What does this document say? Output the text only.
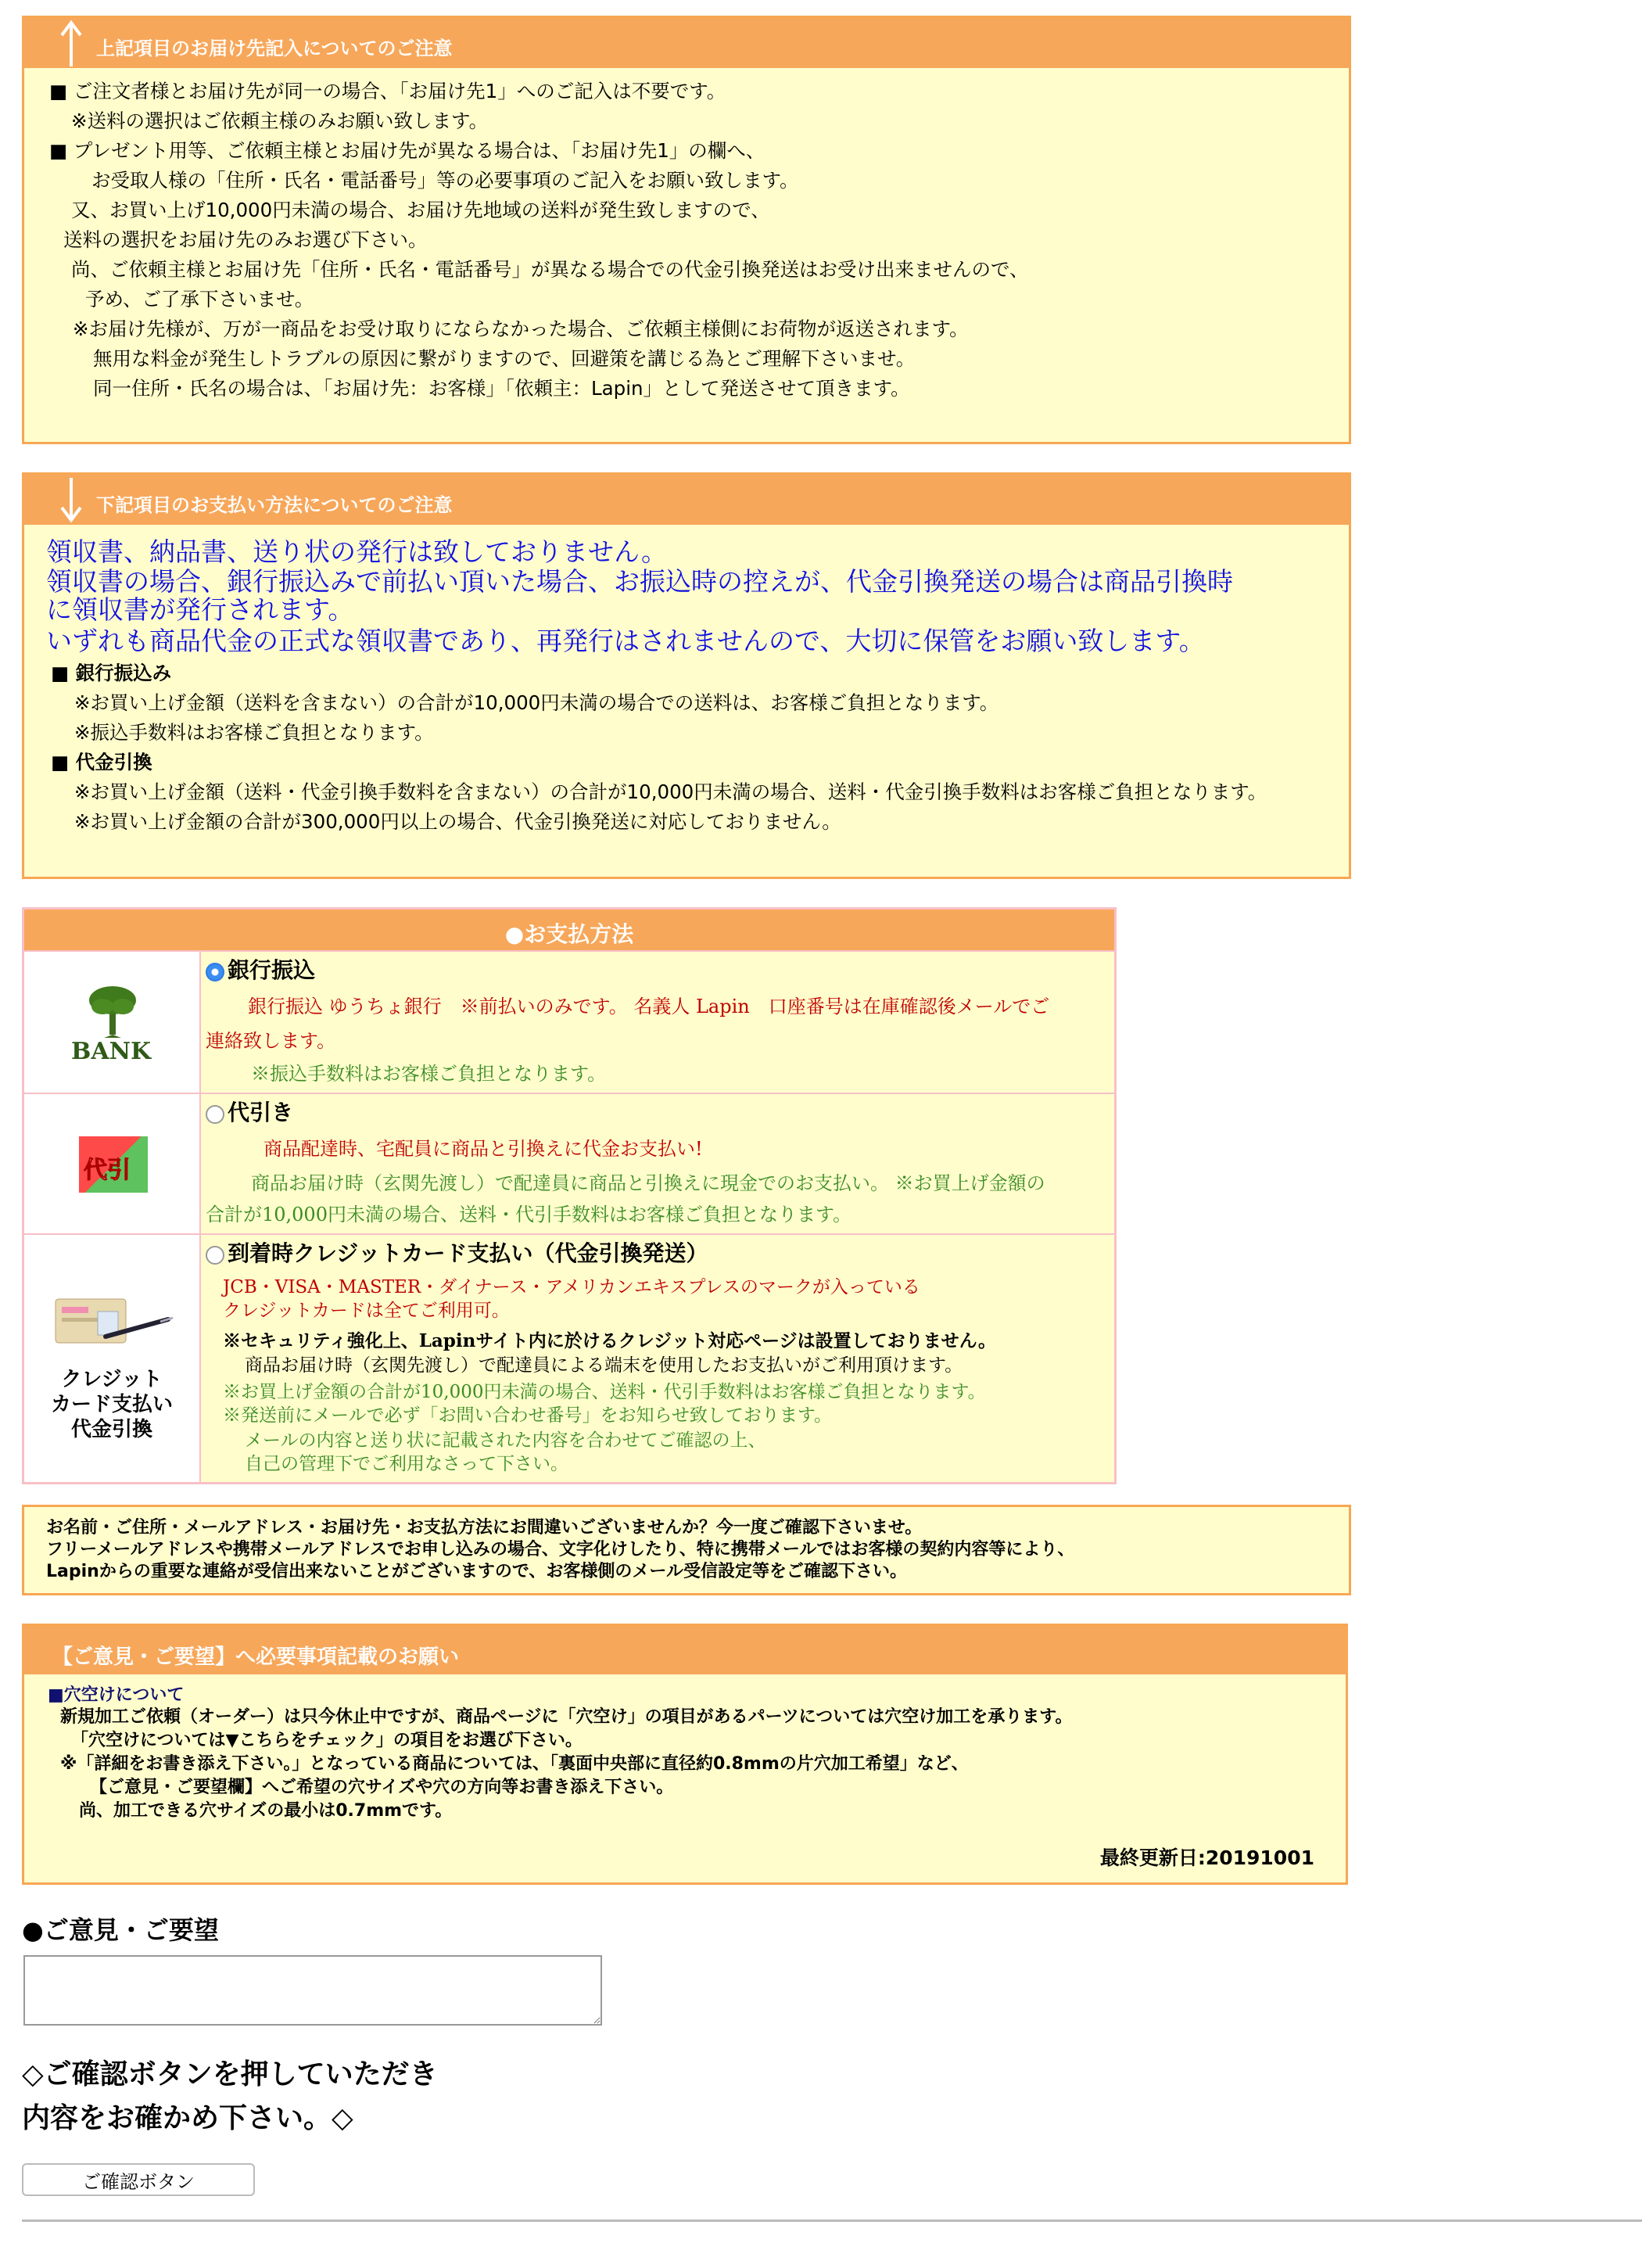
上記項目のお届け先記入についてのご注意
■ ご注文者様とお届け先が同一の場合、「お届け先1」へのご記入は不要です。
※送料の選択はご依頼主様のみお願い致します。
■ プレゼント用等、ご依頼主様とお届け先が異なる場合は、「お届け先1」の欄へ、
お受取人様の「住所・氏名・電話番号」等の必要事項のご記入をお願い致します。
又、お買い上げ10,000円未満の場合、お届け先地域の送料が発生致しますので、
送料の選択をお届け先のみお選び下さい。
尚、ご依頼主様とお届け先「住所・氏名・電話番号」が異なる場合での代金引換発送はお受け出来ませんので、
予め、ご了承下さいませ。
※お届け先様が、万が一商品をお受け取りにならなかった場合、ご依頼主様側にお荷物が返送されます。
無用な料金が発生しトラブルの原因に繋がりますので、回避策を講じる為とご理解下さいませ。
同一住所・氏名の場合は、「お届け先：お客様」「依頼主：Lapin」として発送させて頂きます。
下記項目のお支払い方法についてのご注意
領収書、納品書、送り状の発行は致しておりません。
領収書の場合、銀行振込みで前払い頂いた場合、お振込時の控えが、代金引換発送の場合は商品引換時
に領収書が発行されます。
いずれも商品代金の正式な領収書であり、再発行はされませんので、大切に保管をお願い致します。
■ 銀行振込み
※お買い上げ金額（送料を含まない）の合計が10,000円未満の場合での送料は、お客様ご負担となります。
※振込手数料はお客様ご負担となります。
■ 代金引換
※お買い上げ金額（送料・代金引換手数料を含まない）の合計が10,000円未満の場合、送料・代金引換手数料はお客様ご負担となります。
※お買い上げ金額の合計が300,000円以上の場合、代金引換発送に対応しておりません。
●お支払方法
BANK
銀行振込
銀行振込 ゆうちょ銀行　※前払いのみです。 名義人 Lapin　口座番号は在庫確認後メールでご
連絡致します。
※振込手数料はお客様ご負担となります。
代引
代引き
商品配達時、宅配員に商品と引換えに代金お支払い!
商品お届け時（玄関先渡し）で配達員に商品と引換えに現金でのお支払い。 ※お買上げ金額の
合計が10,000円未満の場合、送料・代引手数料はお客様ご負担となります。
クレジット
カード支払い
代金引換
到着時クレジットカード支払い（代金引換発送）
JCB・VISA・MASTER・ダイナース・アメリカンエキスプレスのマークが入っている
クレジットカードは全てご利用可。
※セキュリティ強化上、Lapinサイト内に於けるクレジット対応ページは設置しておりません。
商品お届け時（玄関先渡し）で配達員による端末を使用したお支払いがご利用頂けます。
※お買上げ金額の合計が10,000円未満の場合、送料・代引手数料はお客様ご負担となります。
※発送前にメールで必ず「お問い合わせ番号」をお知らせ致しております。
メールの内容と送り状に記載された内容を合わせてご確認の上、
自己の管理下でご利用なさって下さい。
お名前・ご住所・メールアドレス・お届け先・お支払方法にお間違いございませんか？今一度ご確認下さいませ。
フリーメールアドレスや携帯メールアドレスでお申し込みの場合、文字化けしたり、特に携帯メールではお客様の契約内容等により、
Lapinからの重要な連絡が受信出来ないことがございますので、お客様側のメール受信設定等をご確認下さい。
【ご意見・ご要望】へ必要事項記載のお願い
■穴空けについて
新規加工ご依頼（オーダー）は只今休止中ですが、商品ページに「穴空け」の項目があるパーツについては穴空け加工を承ります。
「穴空けについては▼こちらをチェック」の項目をお選び下さい。
※「詳細をお書き添え下さい。」となっている商品については、「裏面中央部に直径約0.8mmの片穴加工希望」など、
【ご意見・ご要望欄】へご希望の穴サイズや穴の方向等お書き添え下さい。
尚、加工できる穴サイズの最小は0.7mmです。
最終更新日:20191001
●ご意見・ご要望
◇ご確認ボタンを押していただき
内容をお確かめ下さい。◇
ご確認ボタン
